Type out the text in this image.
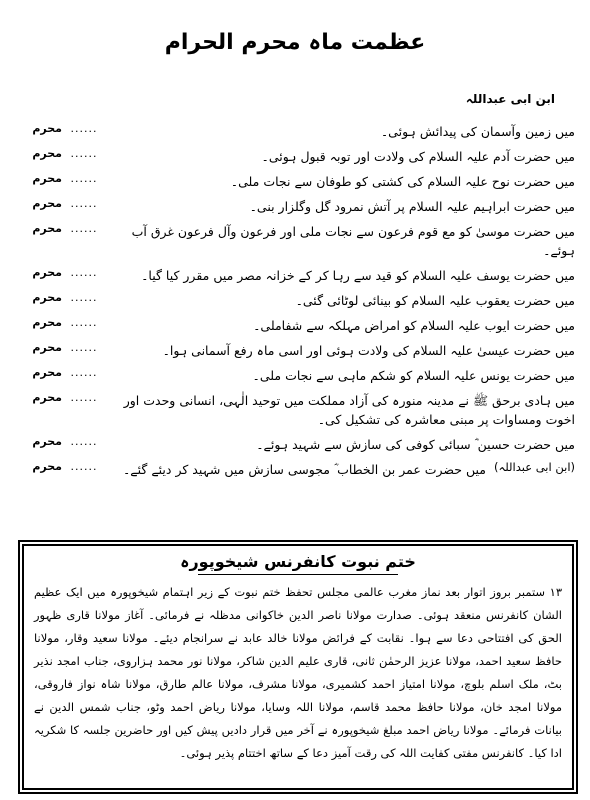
عظمت ماہ محرم الحرام
ابن ابی عبداللہ
محرم ......	میں زمین وآسمان کی پیدائش ہوئی۔
محرم ......	میں حضرت آدم علیہ السلام کی ولادت اور توبہ قبول ہوئی۔
محرم ......	میں حضرت نوح علیہ السلام کی کشتی کو طوفان سے نجات ملی۔
محرم ......	میں حضرت ابراہیم علیہ السلام پر آتش نمرود گل وگلزار بنی۔
محرم ......	میں حضرت موسیٰ کو مع قوم فرعون سے نجات ملی اور فرعون وآل فرعون غرق آب ہوئے۔
محرم ......	میں حضرت یوسف علیہ السلام کو قید سے رہا کر کے خزانہ مصر میں مقرر کیا گیا۔
محرم ......	میں حضرت یعقوب علیہ السلام کو بینائی لوٹائی گئی۔
محرم ......	میں حضرت ایوب علیہ السلام کو امراض مہلکہ سے شفاملی۔
محرم ......	میں حضرت عیسیٰ علیہ السلام کی ولادت ہوئی اور اسی ماہ رفع آسمانی ہوا۔
محرم ......	میں حضرت یونس علیہ السلام کو شکم ماہی سے نجات ملی۔
محرم ......	میں ہادی برحق ﷺ نے مدینہ منورہ کی آزاد مملکت میں توحید الٰہی، انسانی وحدت اور اخوت ومساوات پر مبنی معاشرہ کی تشکیل کی۔
محرم ......	میں حضرت حسین ؓ سبائی کوفی کی سازش سے شہید ہوئے۔
محرم ......	میں حضرت عمر بن الخطاب ؓ مجوسی سازش میں شہید کر دیئے گئے۔ (ابن ابی عبداللہ)
ختم نبوت کانفرنس شیخوپورہ
۱۳ ستمبر بروز اتوار بعد نماز مغرب عالمی مجلس تحفظ ختم نبوت کے زیر اہتمام شیخوپورہ میں ایک عظیم الشان کانفرنس منعقد ہوئی۔ صدارت مولانا ناصر الدین خاکوانی مدظلہ نے فرمائی۔ آغاز مولانا قاری ظہور الحق کی افتتاحی دعا سے ہوا۔ نقابت کے فرائض مولانا خالد عابد نے سرانجام دیئے۔ مولانا سعید وقار، مولانا حافظ سعید احمد، مولانا عزیز الرحمٰن ثانی، قاری علیم الدین شاکر، مولانا نور محمد ہزاروی، جناب امجد نذیر بٹ، ملک اسلم بلوچ، مولانا امتیاز احمد کشمیری، مولانا مشرف، مولانا عالم طارق، مولانا شاہ نواز فاروقی، مولانا امجد خان، مولانا حافظ محمد قاسم، مولانا اللہ وسایا، مولانا ریاض احمد وٹو، جناب شمس الدین نے بیانات فرمائے۔ مولانا ریاض احمد مبلغ شیخوپورہ نے آخر میں قرار دادیں پیش کیں اور حاضرین جلسہ کا شکریہ ادا کیا۔ کانفرنس مفتی کفایت اللہ کی رقت آمیز دعا کے ساتھ اختتام پذیر ہوئی۔
